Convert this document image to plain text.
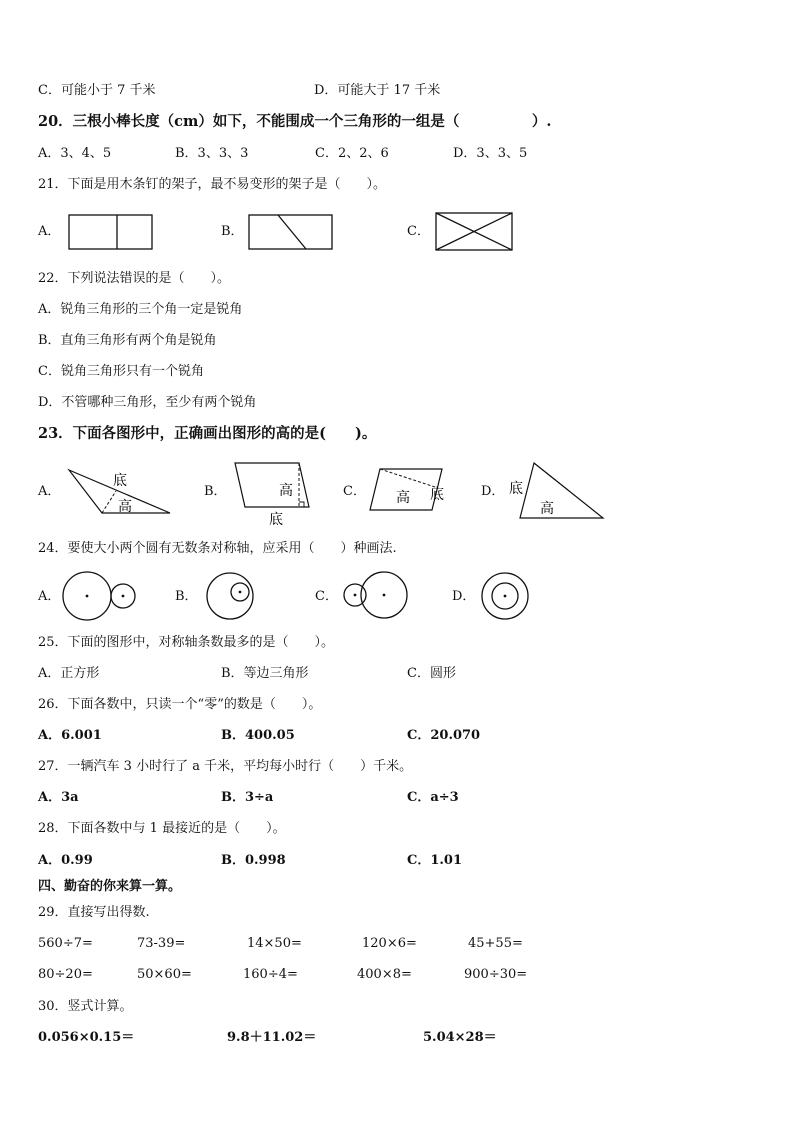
C．可能小于 7 千米	D．可能大于 17 千米
20．三根小棒长度（cm）如下，不能围成一个三角形的一组是（　　　　　）.
A．3、4、5	B．3、3、3	C．2、2、6	D．3、3、5
21．下面是用木条钉的架子，最不易变形的架子是（　　）。
A．	B．	C．
22．下列说法错误的是（　　）。
A．锐角三角形的三个角一定是锐角
B．直角三角形有两个角是锐角
C．锐角三角形只有一个锐角
D．不管哪种三角形，至少有两个锐角
23．下面各图形中，正确画出图形的高的是(　　)。
A．
底
高
B．	高
底
C． 高 底	D． 底
高
24．要使大小两个圆有无数条对称轴，应采用（　　）种画法.
A．	B．	C．	D．
25．下面的图形中，对称轴条数最多的是（　　）。
A．正方形	B．等边三角形	C．圆形
26．下面各数中，只读一个“零”的数是（　　）。
A．6.001	B．400.05	C．20.070
27．一辆汽车 3 小时行了 a 千米，平均每小时行（　　）千米。
A．3a	B．3÷a	C．a÷3
28．下面各数中与 1 最接近的是（　　）。
A．0.99	B．0.998	C．1.01
四、勤奋的你来算一算。
29．直接写出得数.
560÷7=	73-39=	14×50=	120×6=	45+55=
80÷20=	50×60=	160÷4=	400×8=	900÷30=
30．竖式计算。
0.056×0.15＝	9.8＋11.02＝	5.04×28＝
